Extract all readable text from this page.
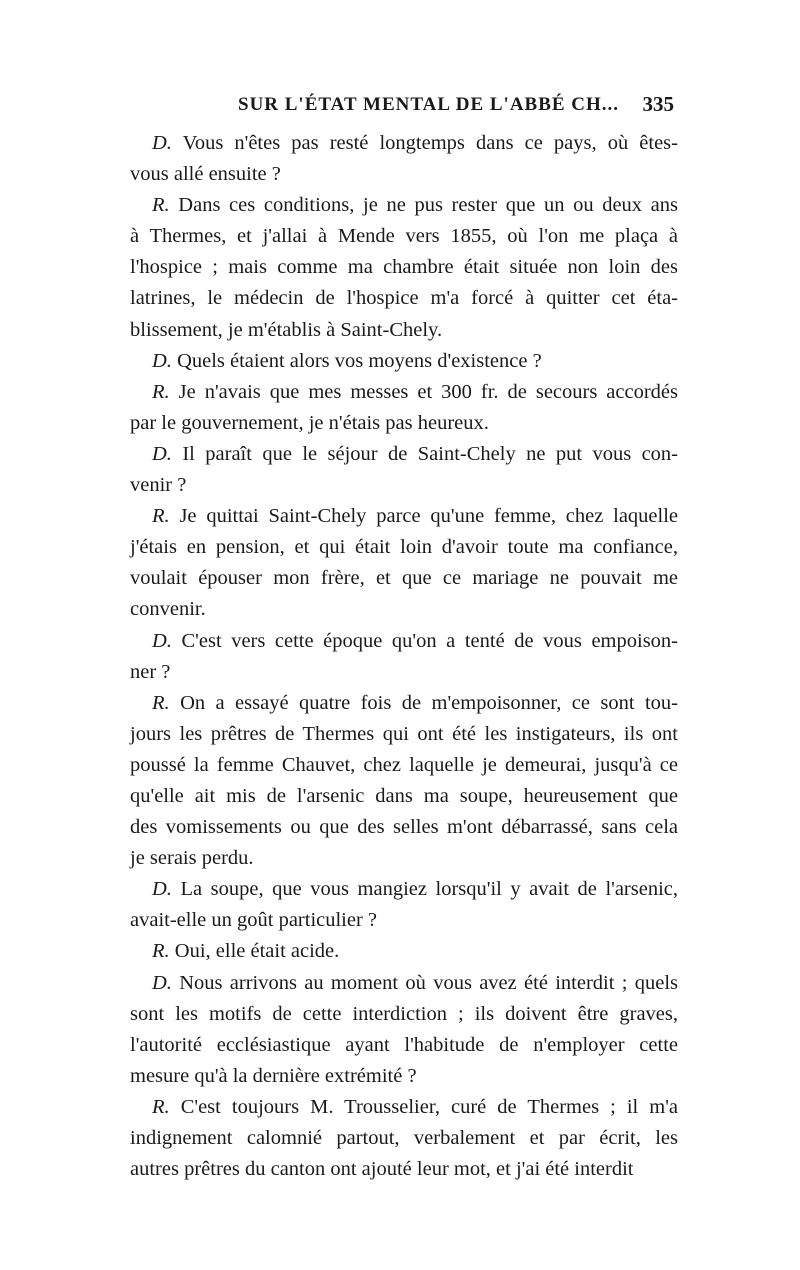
SUR L'ÉTAT MENTAL DE L'ABBÉ CH... 335
D. Vous n'êtes pas resté longtemps dans ce pays, où êtes-
vous allé ensuite ?
R. Dans ces conditions, je ne pus rester que un ou deux ans
à Thermes, et j'allai à Mende vers 1855, où l'on me plaça à
l'hospice ; mais comme ma chambre était située non loin des
latrines, le médecin de l'hospice m'a forcé à quitter cet éta-
blissement, je m'établis à Saint-Chely.
D. Quels étaient alors vos moyens d'existence ?
R. Je n'avais que mes messes et 300 fr. de secours accordés
par le gouvernement, je n'étais pas heureux.
D. Il paraît que le séjour de Saint-Chely ne put vous con-
venir ?
R. Je quittai Saint-Chely parce qu'une femme, chez laquelle
j'étais en pension, et qui était loin d'avoir toute ma confiance,
voulait épouser mon frère, et que ce mariage ne pouvait me
convenir.
D. C'est vers cette époque qu'on a tenté de vous empoison-
ner ?
R. On a essayé quatre fois de m'empoisonner, ce sont tou-
jours les prêtres de Thermes qui ont été les instigateurs, ils ont
poussé la femme Chauvet, chez laquelle je demeurai, jusqu'à ce
qu'elle ait mis de l'arsenic dans ma soupe, heureusement que
des vomissements ou que des selles m'ont débarrassé, sans cela
je serais perdu.
D. La soupe, que vous mangiez lorsqu'il y avait de l'arsenic,
avait-elle un goût particulier ?
R. Oui, elle était acide.
D. Nous arrivons au moment où vous avez été interdit ; quels
sont les motifs de cette interdiction ; ils doivent être graves,
l'autorité ecclésiastique ayant l'habitude de n'employer cette
mesure qu'à la dernière extrémité ?
R. C'est toujours M. Trousselier, curé de Thermes ; il m'a
indignement calomnié partout, verbalement et par écrit, les
autres prêtres du canton ont ajouté leur mot, et j'ai été interdit
